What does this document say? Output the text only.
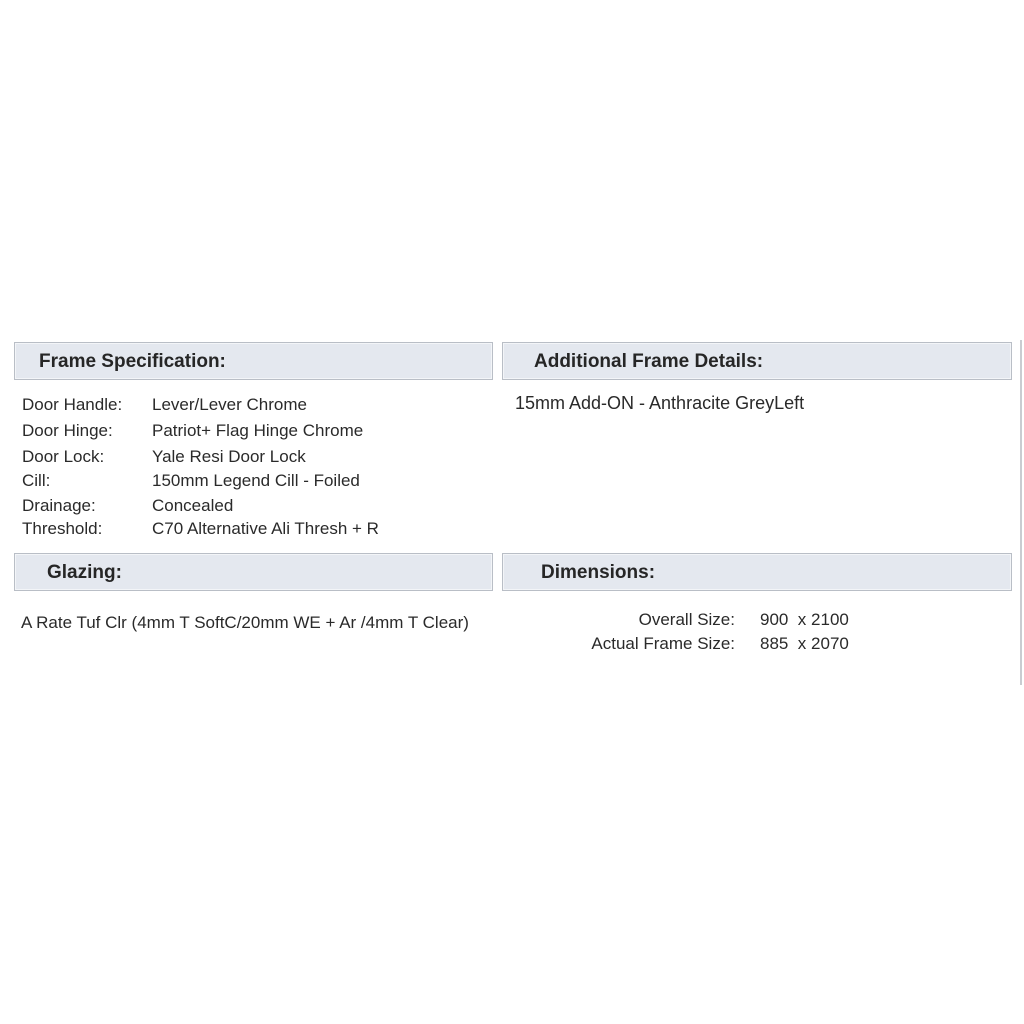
Frame Specification:	Additional Frame Details:
Door Handle: Lever/Lever Chrome
Door Hinge: Patriot+ Flag Hinge Chrome
Door Lock:	Yale Resi Door Lock
Cill:	150mm Legend Cill - Foiled
Drainage:	Concealed
Threshold:	C70 Alternative Ali Thresh + R
15mm Add-ON - Anthracite GreyLeft
Glazing:	Dimensions:
A Rate Tuf Clr (4mm T SoftC/20mm WE + Ar /4mm T Clear)	Overall Size: 900  x 2100
Actual Frame Size: 885  x 2070
